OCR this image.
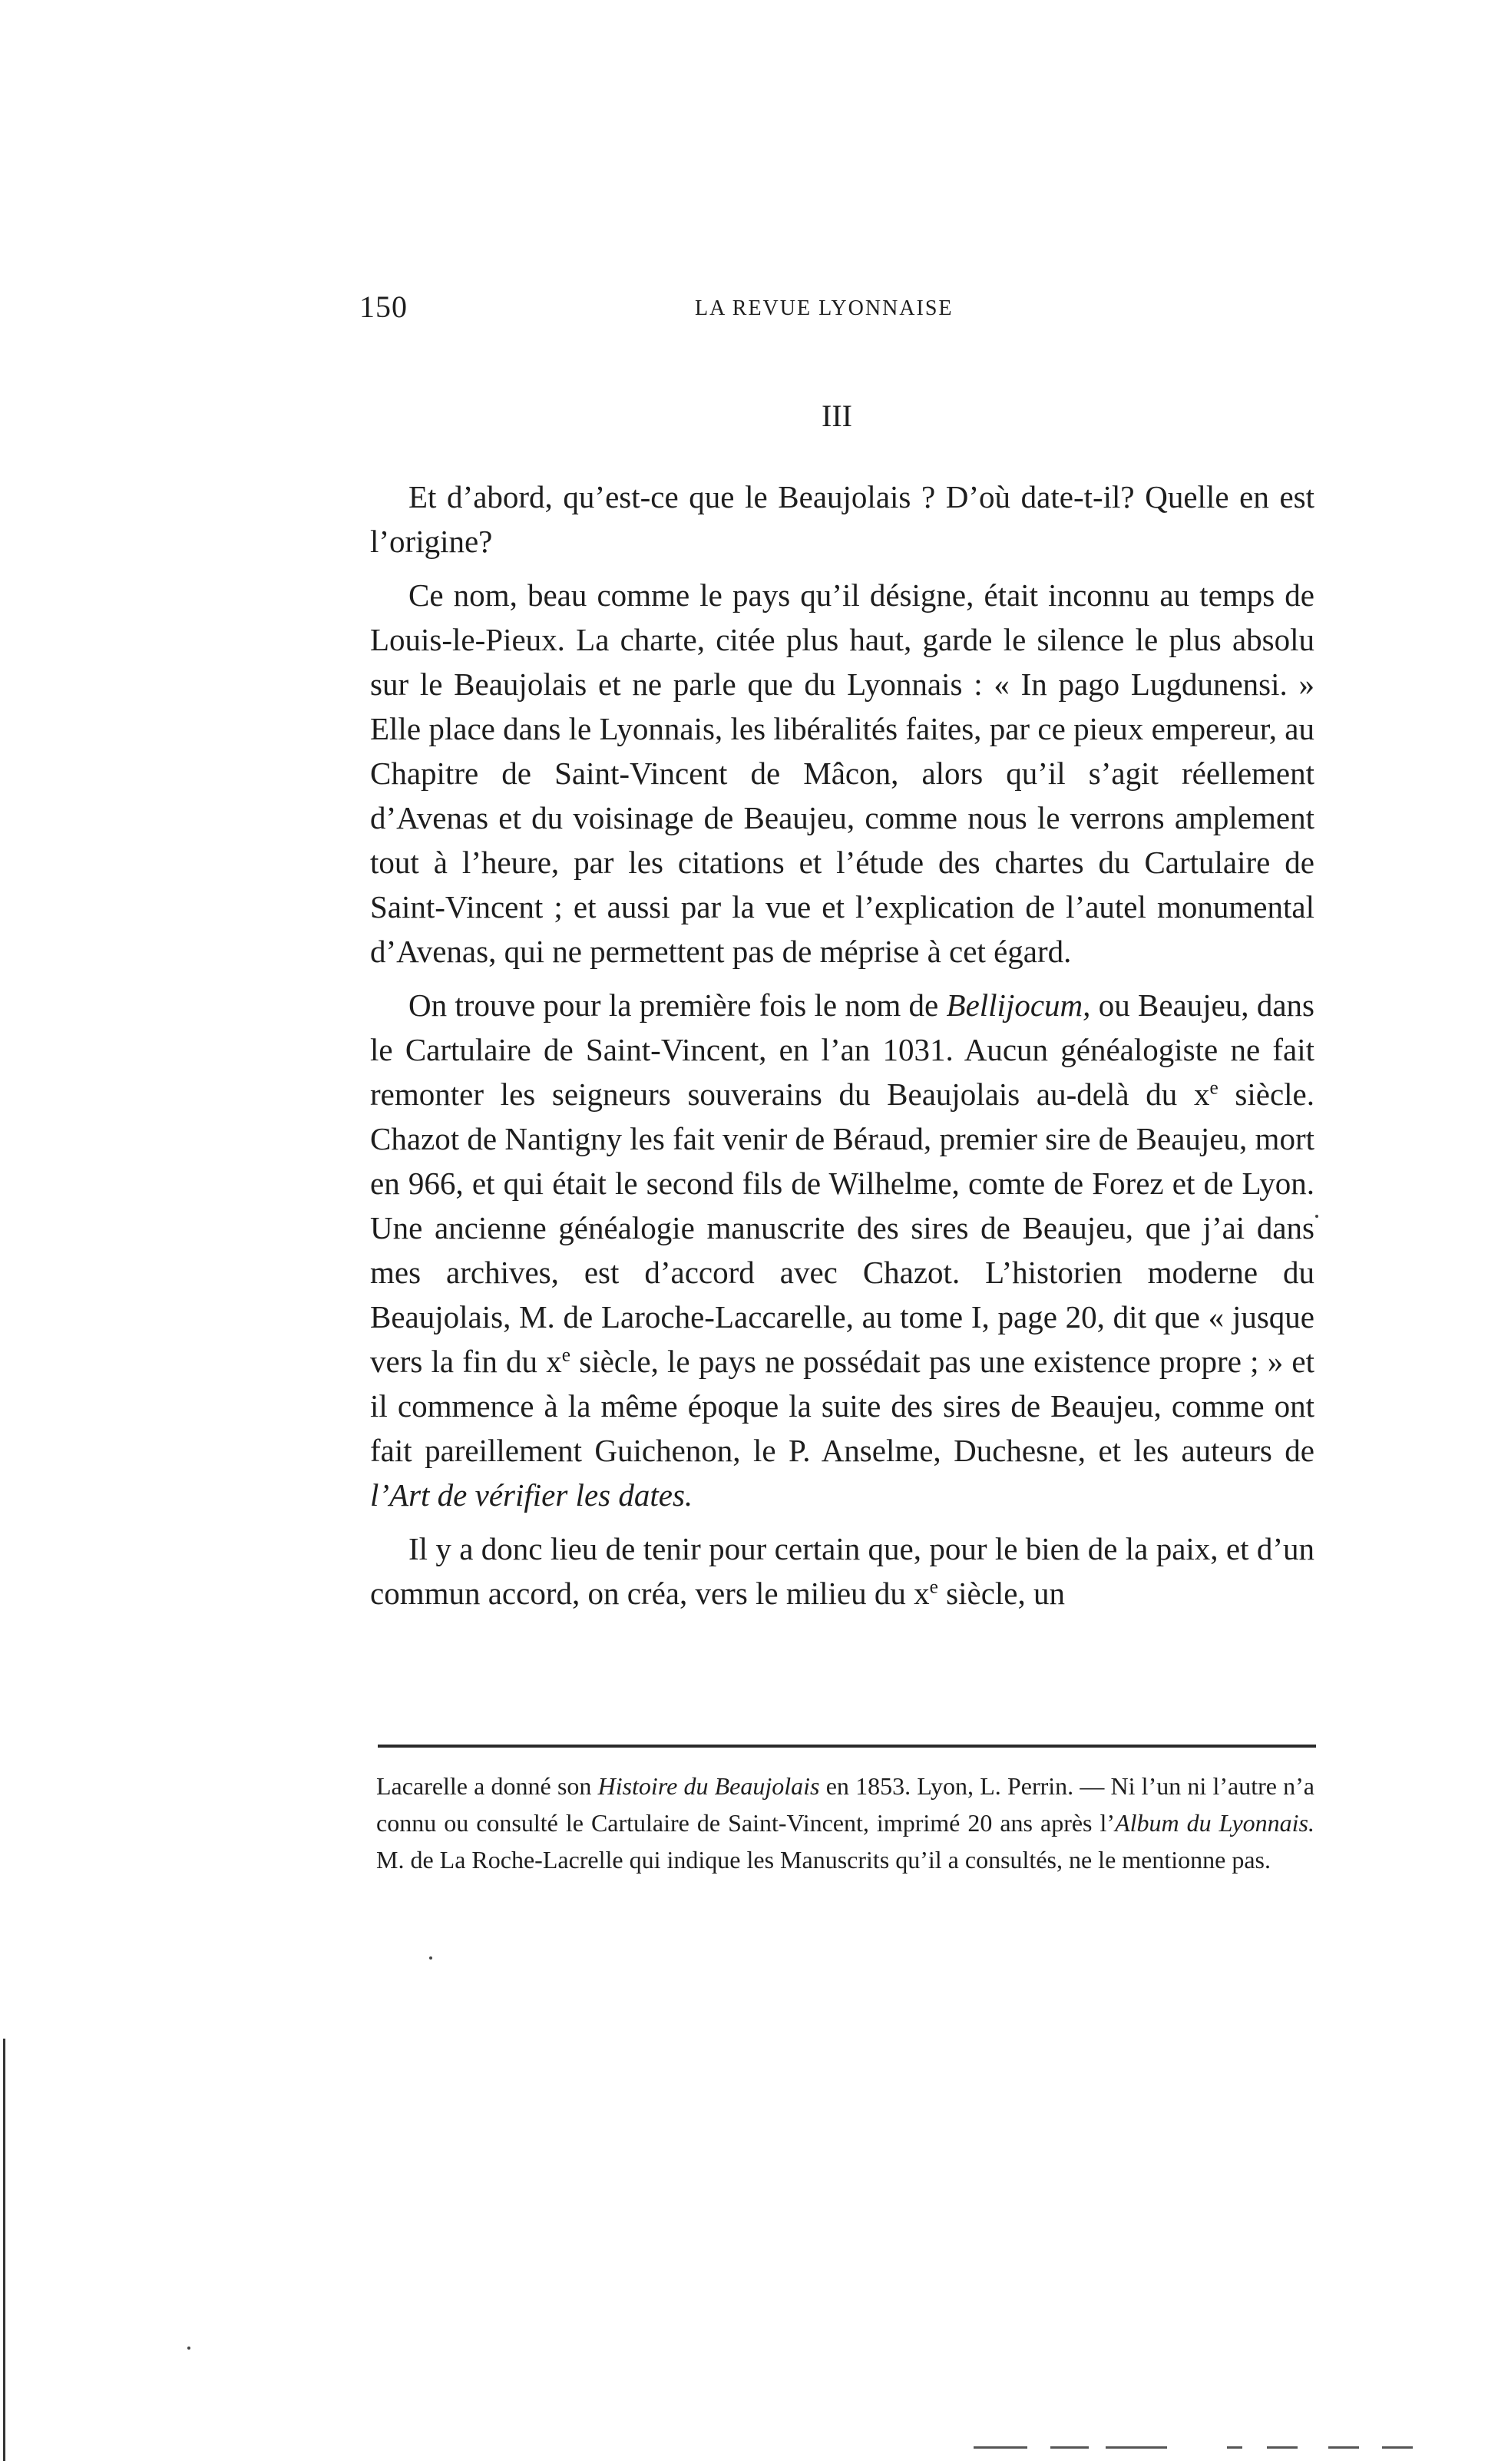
150	LA REVUE LYONNAISE
III

Et d’abord, qu’est-ce que le Beaujolais ? D’où date-t-il? Quelle en est l’origine?

Ce nom, beau comme le pays qu’il désigne, était inconnu au temps de Louis-le-Pieux. La charte, citée plus haut, garde le silence le plus absolu sur le Beaujolais et ne parle que du Lyonnais : « In pago Lugdunensi. » Elle place dans le Lyonnais, les libéralités faites, par ce pieux empereur, au Chapitre de Saint-Vincent de Mâcon, alors qu’il s’agit réellement d’Avenas et du voisinage de Beaujeu, comme nous le verrons amplement tout à l’heure, par les citations et l’étude des chartes du Cartulaire de Saint-Vincent ; et aussi par la vue et l’explication de l’autel monumental d’Avenas, qui ne permettent pas de méprise à cet égard.

On trouve pour la première fois le nom de Bellijocum, ou Beaujeu, dans le Cartulaire de Saint-Vincent, en l’an 1031. Aucun généalogiste ne fait remonter les seigneurs souverains du Beaujolais au-delà du $x^e$ siècle. Chazot de Nantigny les fait venir de Béraud, premier sire de Beaujeu, mort en 966, et qui était le second fils de Wilhelme, comte de Forez et de Lyon. Une ancienne généalogie manuscrite des sires de Beaujeu, que j’ai dans mes archives, est d’accord avec Chazot. L’historien moderne du Beaujolais, M. de Laroche-Laccarelle, au tome I, page 20, dit que « jusque vers la fin du $x^e$ siècle, le pays ne possédait pas une existence propre ; » et il commence à la même époque la suite des sires de Beaujeu, comme ont fait pareillement Guichenon, le P. Anselme, Duchesne, et les auteurs de l’Art de vérifier les dates.

Il y a donc lieu de tenir pour certain que, pour le bien de la paix, et d’un commun accord, on créa, vers le milieu du $x^e$ siècle, un

Lacarelle a donné son Histoire du Beaujolais en 1853. Lyon, L. Perrin. — Ni l’un ni l’autre n’a connu ou consulté le Cartulaire de Saint-Vincent, imprimé 20 ans après l’Album du Lyonnais. M. de La Roche-Lacrelle qui indique les Manuscrits qu’il a consultés, ne le mentionne pas.
